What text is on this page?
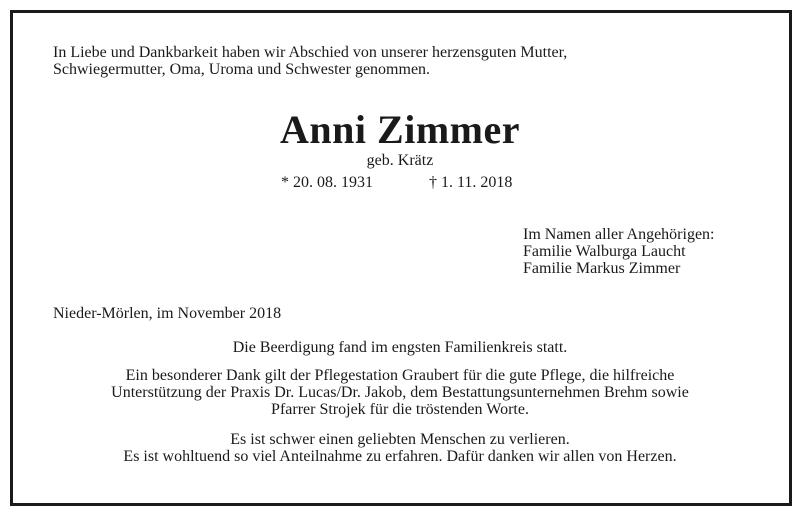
In Liebe und Dankbarkeit haben wir Abschied von unserer herzensguten Mutter,
Schwiegermutter, Oma, Uroma und Schwester genommen.
Anni Zimmer
geb. Krätz
* 20. 08. 1931	† 1. 11. 2018
Im Namen aller Angehörigen:
Familie Walburga Laucht
Familie Markus Zimmer
Nieder-Mörlen, im November 2018
Die Beerdigung fand im engsten Familienkreis statt.
Ein besonderer Dank gilt der Pflegestation Graubert für die gute Pflege, die hilfreiche
Unterstützung der Praxis Dr. Lucas/Dr. Jakob, dem Bestattungsunternehmen Brehm sowie
Pfarrer Strojek für die tröstenden Worte.
Es ist schwer einen geliebten Menschen zu verlieren.
Es ist wohltuend so viel Anteilnahme zu erfahren. Dafür danken wir allen von Herzen.
